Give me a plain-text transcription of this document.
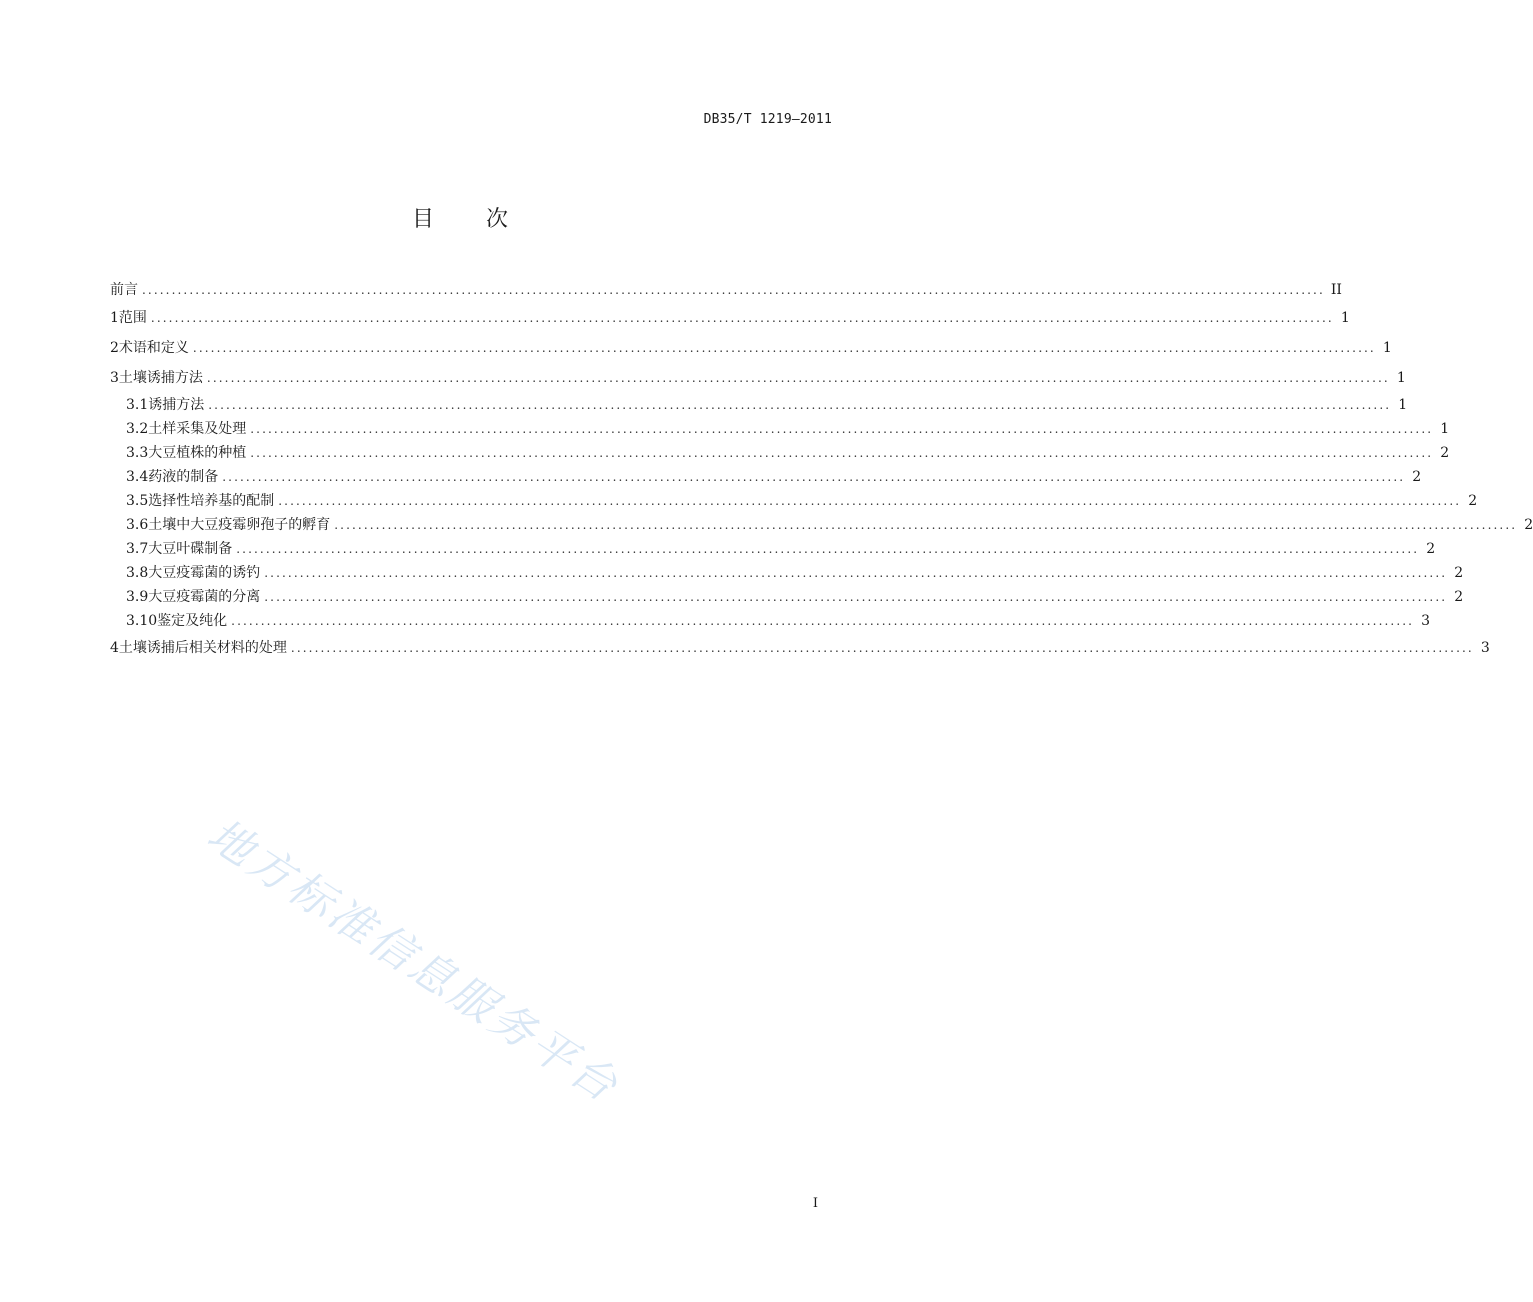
DB35/T 1219—2011
目 次
前言 ........................................................................................................................................................................................................ II
1 范围 ........................................................................................................................................................................................................ 1
2 术语和定义 ........................................................................................................................................................................................................ 1
3 土壤诱捕方法 ........................................................................................................................................................................................................ 1
3.1 诱捕方法 ........................................................................................................................................................................................................ 1
3.2 土样采集及处理 ........................................................................................................................................................................................................ 1
3.3 大豆植株的种植 ........................................................................................................................................................................................................ 2
3.4 药液的制备 ........................................................................................................................................................................................................ 2
3.5 选择性培养基的配制 ........................................................................................................................................................................................................ 2
3.6 土壤中大豆疫霉卵孢子的孵育 ........................................................................................................................................................................................................ 2
3.7 大豆叶碟制备 ........................................................................................................................................................................................................ 2
3.8 大豆疫霉菌的诱钓 ........................................................................................................................................................................................................ 2
3.9 大豆疫霉菌的分离 ........................................................................................................................................................................................................ 2
3.10 鉴定及纯化 ........................................................................................................................................................................................................ 3
4 土壤诱捕后相关材料的处理 ........................................................................................................................................................................................................ 3
地方标准信息服务平台
I
